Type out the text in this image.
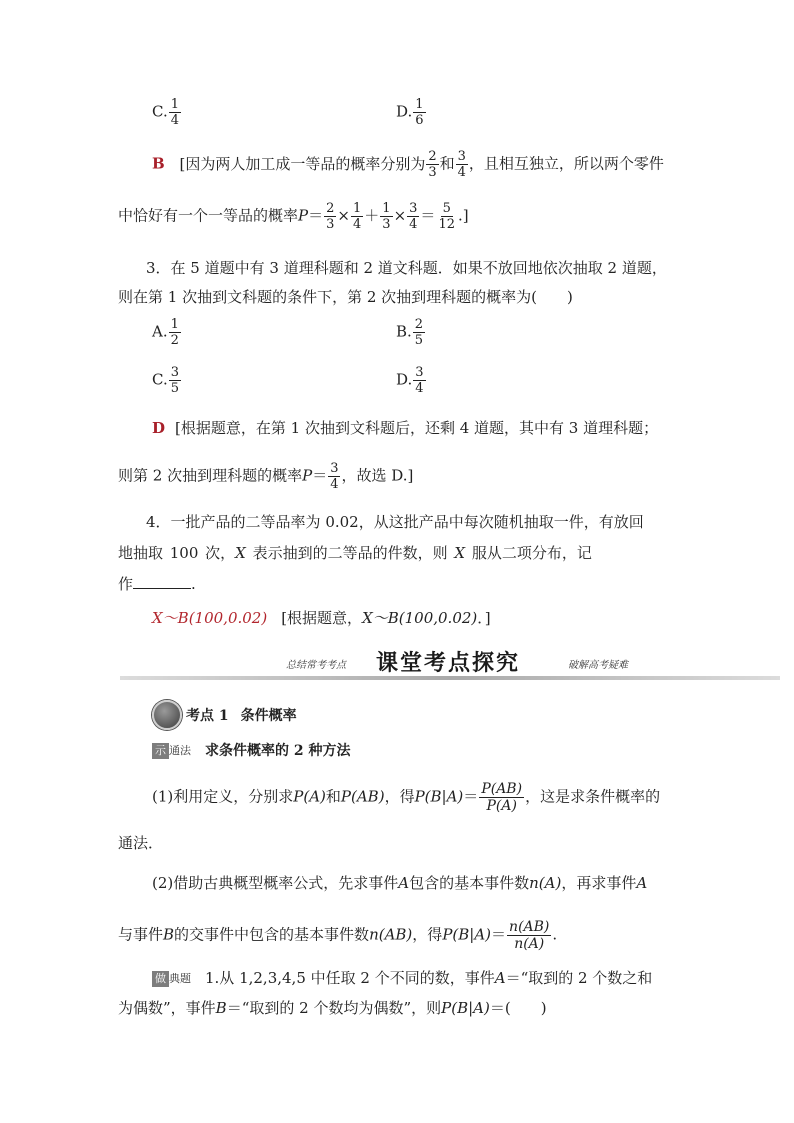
C. $\frac{1}{4}$	D. $\frac{1}{6}$
B [因为两人加工成一等品的概率分别为 $\frac{2}{3}$ 和 $\frac{3}{4}$ ，且相互独立，所以两个零件
中恰好有一个一等品的概率$P= \frac{2}{3} \times \frac{1}{4} + \frac{1}{3} \times \frac{3}{4} = \frac{5}{12}$ .]
3．在 5 道题中有 3 道理科题和 2 道文科题．如果不放回地依次抽取 2 道题，
则在第 1 次抽到文科题的条件下，第 2 次抽到理科题的概率为(　　)
A. $\frac{1}{2}$	B. $\frac{2}{5}$
C. $\frac{3}{5}$	D. $\frac{3}{4}$
D [根据题意，在第 1 次抽到文科题后，还剩 4 道题，其中有 3 道理科题；
则第 2 次抽到理科题的概率$P= \frac{3}{4}$ ，故选 D.]
4．一批产品的二等品率为 0.02，从这批产品中每次随机抽取一件，有放回
地抽取 100 次，X 表示抽到的二等品的件数，则 X 服从二项分布，记
作	.
X～B(100,0.02) [根据题意，X～B(100,0.02)．]
总结常考考点 课堂考点探究	破解高考疑难
考点 1 条件概率
示 通法 求条件概率的 2 种方法
(1)利用定义，分别求P(A)和P(AB)，得$P(B|A)= \frac{P(AB)}{P(A)}$ ，这是求条件概率的
通法．
(2)借助古典概型概率公式，先求事件A包含的基本事件数n(A)，再求事件A
与事件B的交事件中包含的基本事件数n(AB)，得$P(B|A)= \frac{n(AB)}{n(A)}$ .
做 典题 1.从 1,2,3,4,5 中任取 2 个不同的数，事件A＝“取到的 2 个数之和
为偶数”，事件B＝“取到的 2 个数均为偶数”，则P(B|A)＝(　　)
